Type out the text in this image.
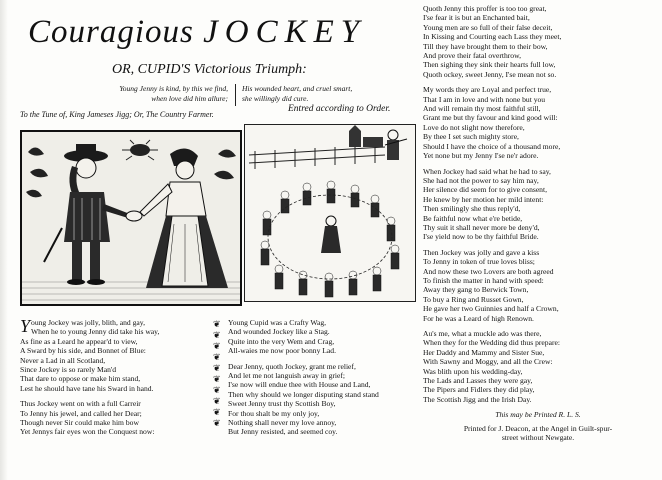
Couragious JOCKEY
OR, CUPID'S Victorious Triumph:
Young Jenny is kind, by this we find,
when love did him allure;
His wounded heart, and cruel smart,
she willingly did cure.
To the Tune of, King Jameses Jigg; Or, The Country Farmer.
Entred according to Order.
Young Jockey was jolly, blith, and gay,
When he to young Jenny did take his way,
As fine as a Leard he appear'd to view,
A Sward by his side, and Bonnet of Blue:
Never a Lad in all Scotland,
Since Jockey is so rarely Man'd
That dare to oppose or make him stand,
Lest he should have tane his Sward in hand.
Thus Jockey went on with a full Carreir
To Jenny his jewel, and called her Dear;
Though never Sir could make him bow
Yet Jennys fair eyes won the Conquest now:
❦
❦
❦
❦
❦
❦
❦
❦
❦
❦
Young Cupid was a Crafty Wag,
And wounded Jockey like a Stag.
Quite into the very Wem and Crag,
All-waies me now poor bonny Lad.
Dear Jenny, quoth Jockey, grant me relief,
And let me not languish away in grief;
I'se now will endue thee with House and Land,
Then why should we longer disputing stand stand
Sweet Jenny trust thy Scottish Boy,
For thou shalt be my only joy,
Nothing shall never my love annoy,
But Jenny resisted, and seemed coy.
Quoth Jenny this proffer is too too great,
I'se fear it is but an Enchanted bait,
Young men are so full of their false deceit,
In Kissing and Courting each Lass they meet,
Till they have brought them to their bow,
And prove their fatal overthrow,
Then sighing they sink their hearts full low,
Quoth ockey, sweet Jenny, I'se mean not so.
My words they are Loyal and perfect true,
That I am in love and with none but you
And will remain thy most faithful still,
Grant me but thy favour and kind good will:
Love do not slight now therefore,
By thee I set such mighty store,
Should I have the choice of a thousand more,
Yet none but my Jenny I'se ne'r adore.
When Jockey had said what he had to say,
She had not the power to say him nay,
Her silence did seem for to give consent,
He knew by her motion her mild intent:
Then smilingly she thus reply'd,
Be faithful now what e're betide,
Thy suit it shall never more be deny'd,
I'se yield now to be thy faithful Bride.
Then Jockey was jolly and gave a kiss
To Jenny in token of true loves bliss;
And now these two Lovers are both agreed
To finish the matter in hand with speed:
Away they gang to Berwick Town,
To buy a Ring and Russet Gown,
He gave her two Guinnies and half a Crown,
For he was a Leard of high Renown.
Au's me, what a muckle ado was there,
When they for the Wedding did thus prepare:
Her Daddy and Mammy and Sister Sue,
With Sawny and Moggy, and all the Crew:
Was blith upon his wedding-day,
The Lads and Lasses they were gay,
The Pipers and Fidlers they did play,
The Scottish Jigg and the Irish Day.
This may be Printed R. L. S.
Printed for J. Deacon, at the Angel in Guilt-spur-
street without Newgate.
